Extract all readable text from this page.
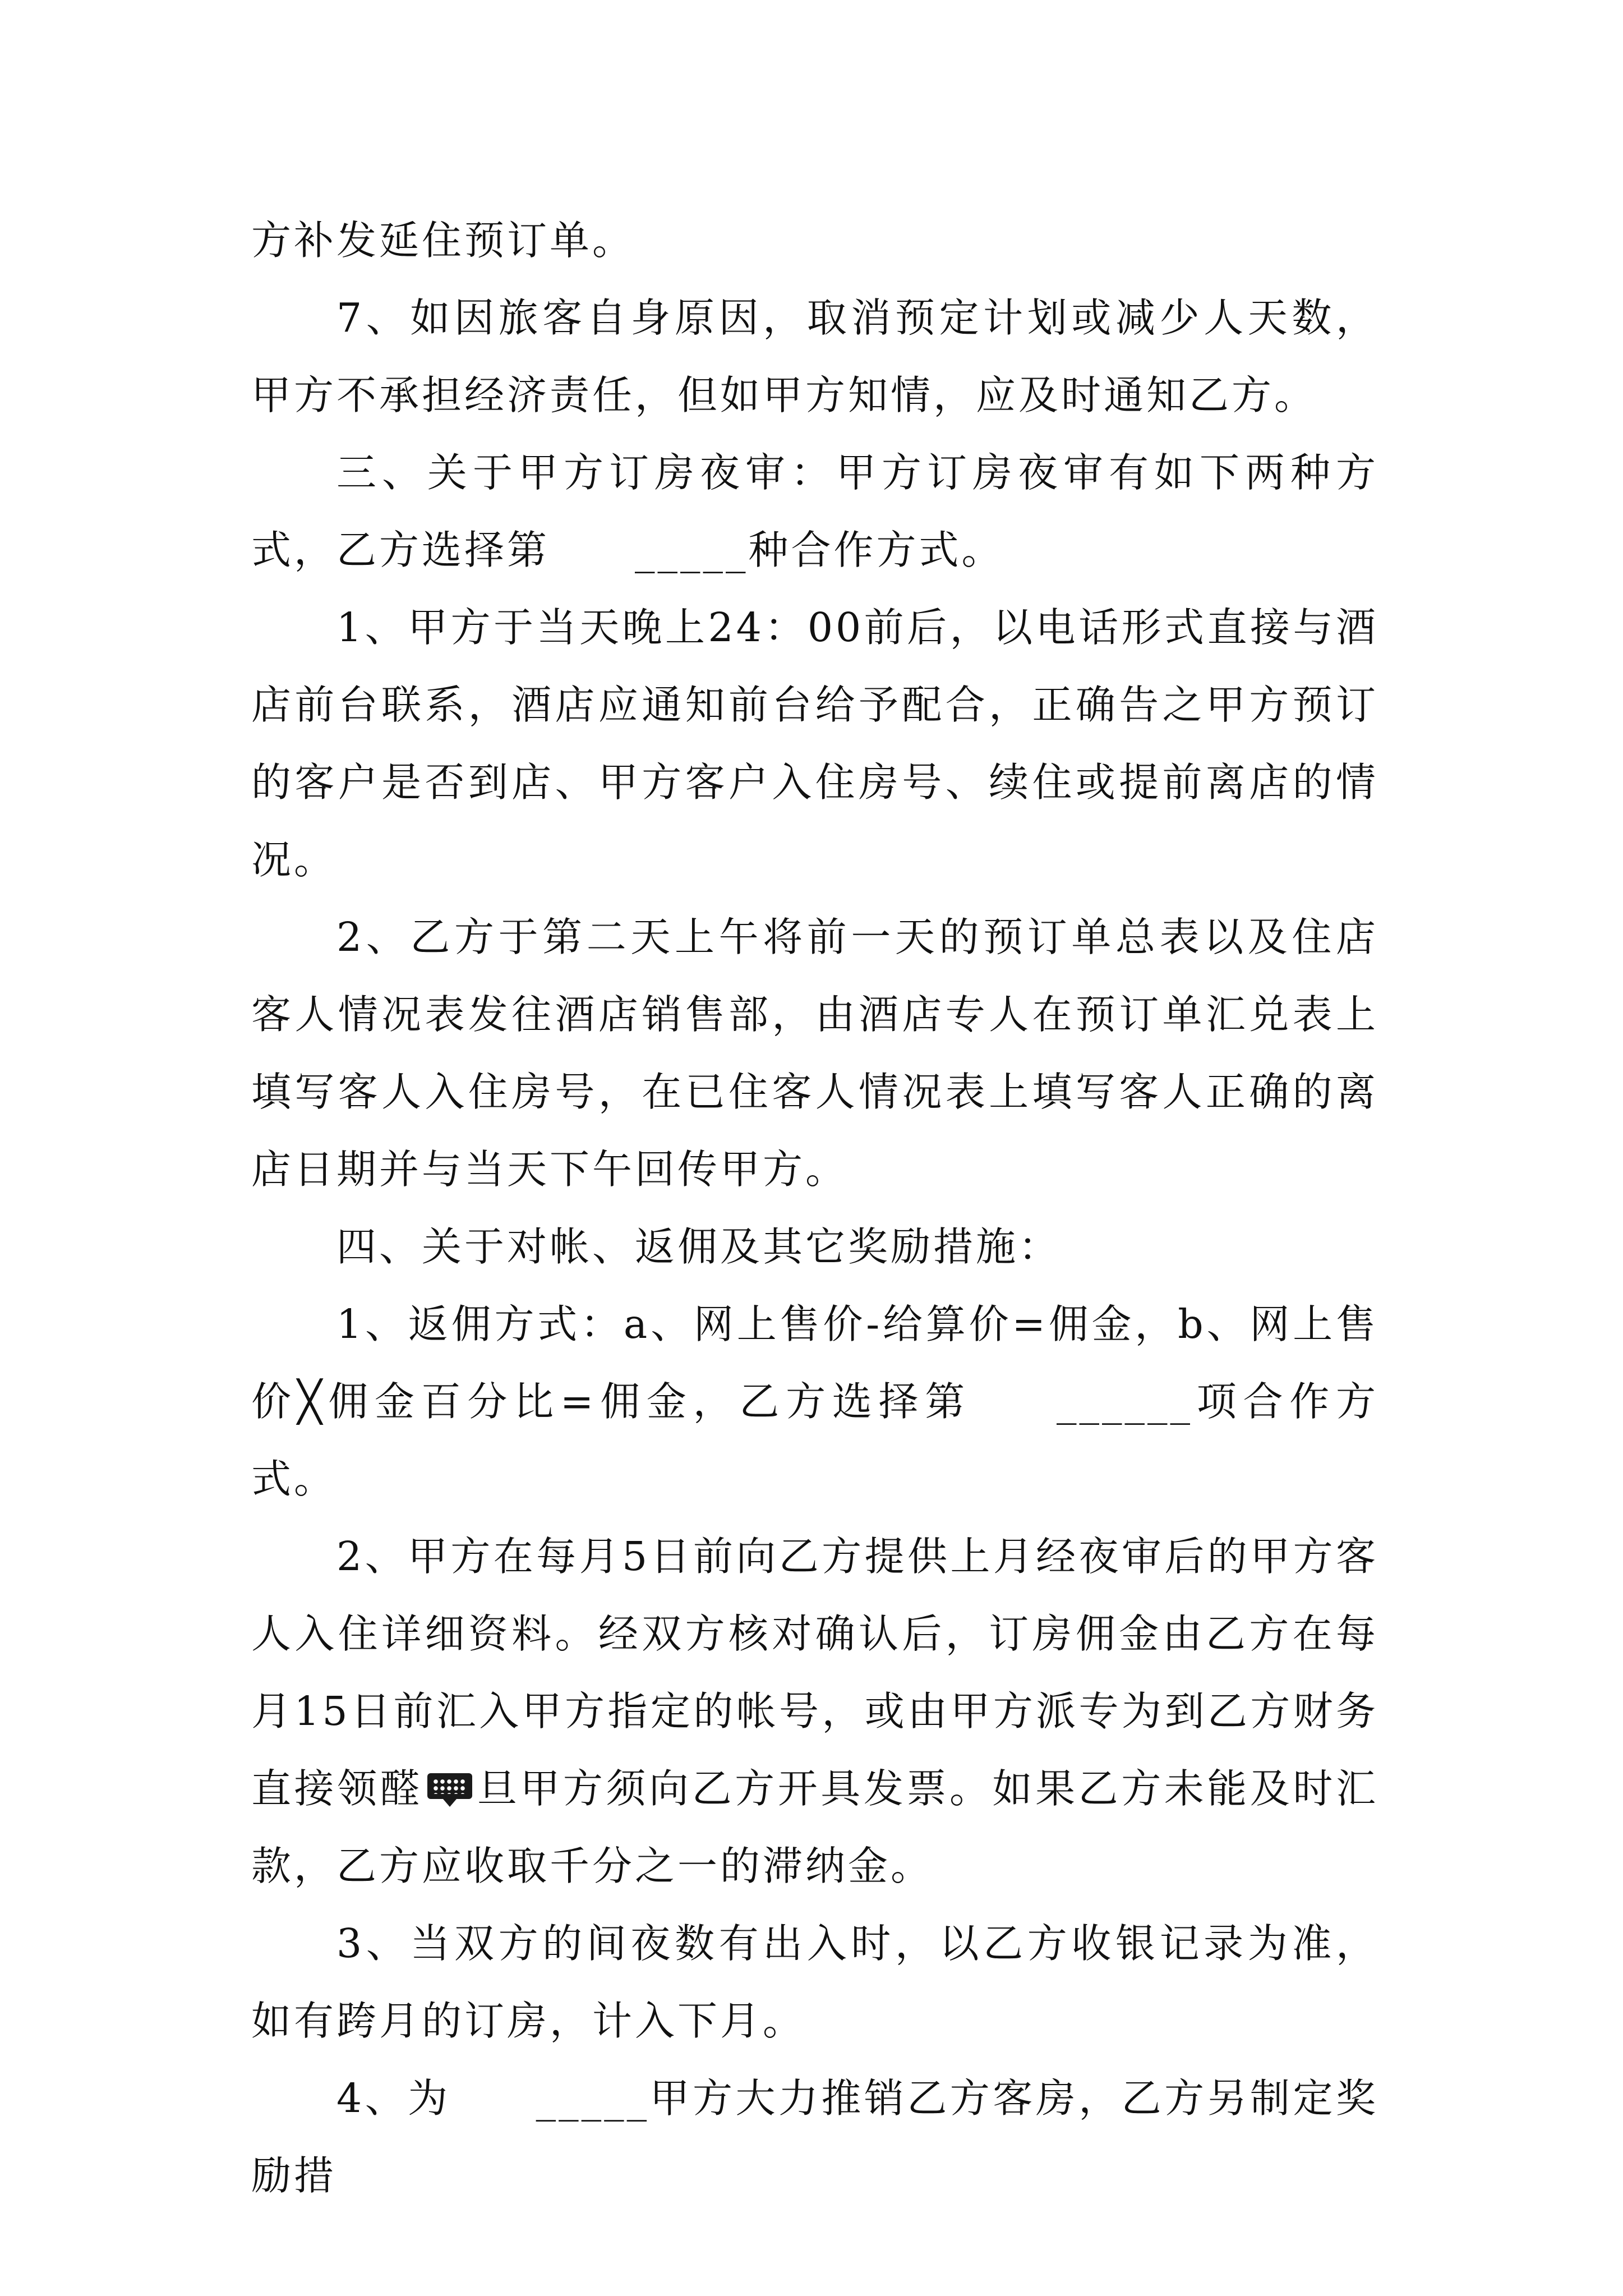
方补发延住预订单。

7、如因旅客自身原因，取消预定计划或减少人天数，甲方不承担经济责任，但如甲方知情，应及时通知乙方。

三、关于甲方订房夜审：甲方订房夜审有如下两种方式，乙方选择第 _____种合作方式。

1、甲方于当天晚上24：00前后，以电话形式直接与酒店前台联系，酒店应通知前台给予配合，正确告之甲方预订的客户是否到店、甲方客户入住房号、续住或提前离店的情况。

2、乙方于第二天上午将前一天的预订单总表以及住店客人情况表发往酒店销售部，由酒店专人在预订单汇兑表上填写客人入住房号，在已住客人情况表上填写客人正确的离店日期并与当天下午回传甲方。

四、关于对帐、返佣及其它奖励措施：

1、返佣方式：a、网上售价-给算价=佣金，b、网上售价╳佣金百分比=佣金，乙方选择第 ______项合作方式。

2、甲方在每月5日前向乙方提供上月经夜审后的甲方客人入住详细资料。经双方核对确认后，订房佣金由乙方在每月15日前汇入甲方指定的帐号，或由甲方派专为到乙方财务直接领醛 旦甲方须向乙方开具发票。如果乙方未能及时汇款，乙方应收取千分之一的滞纳金。

3、当双方的间夜数有出入时，以乙方收银记录为准，如有跨月的订房，计入下月。

4、为 _____甲方大力推销乙方客房，乙方另制定奖励措
